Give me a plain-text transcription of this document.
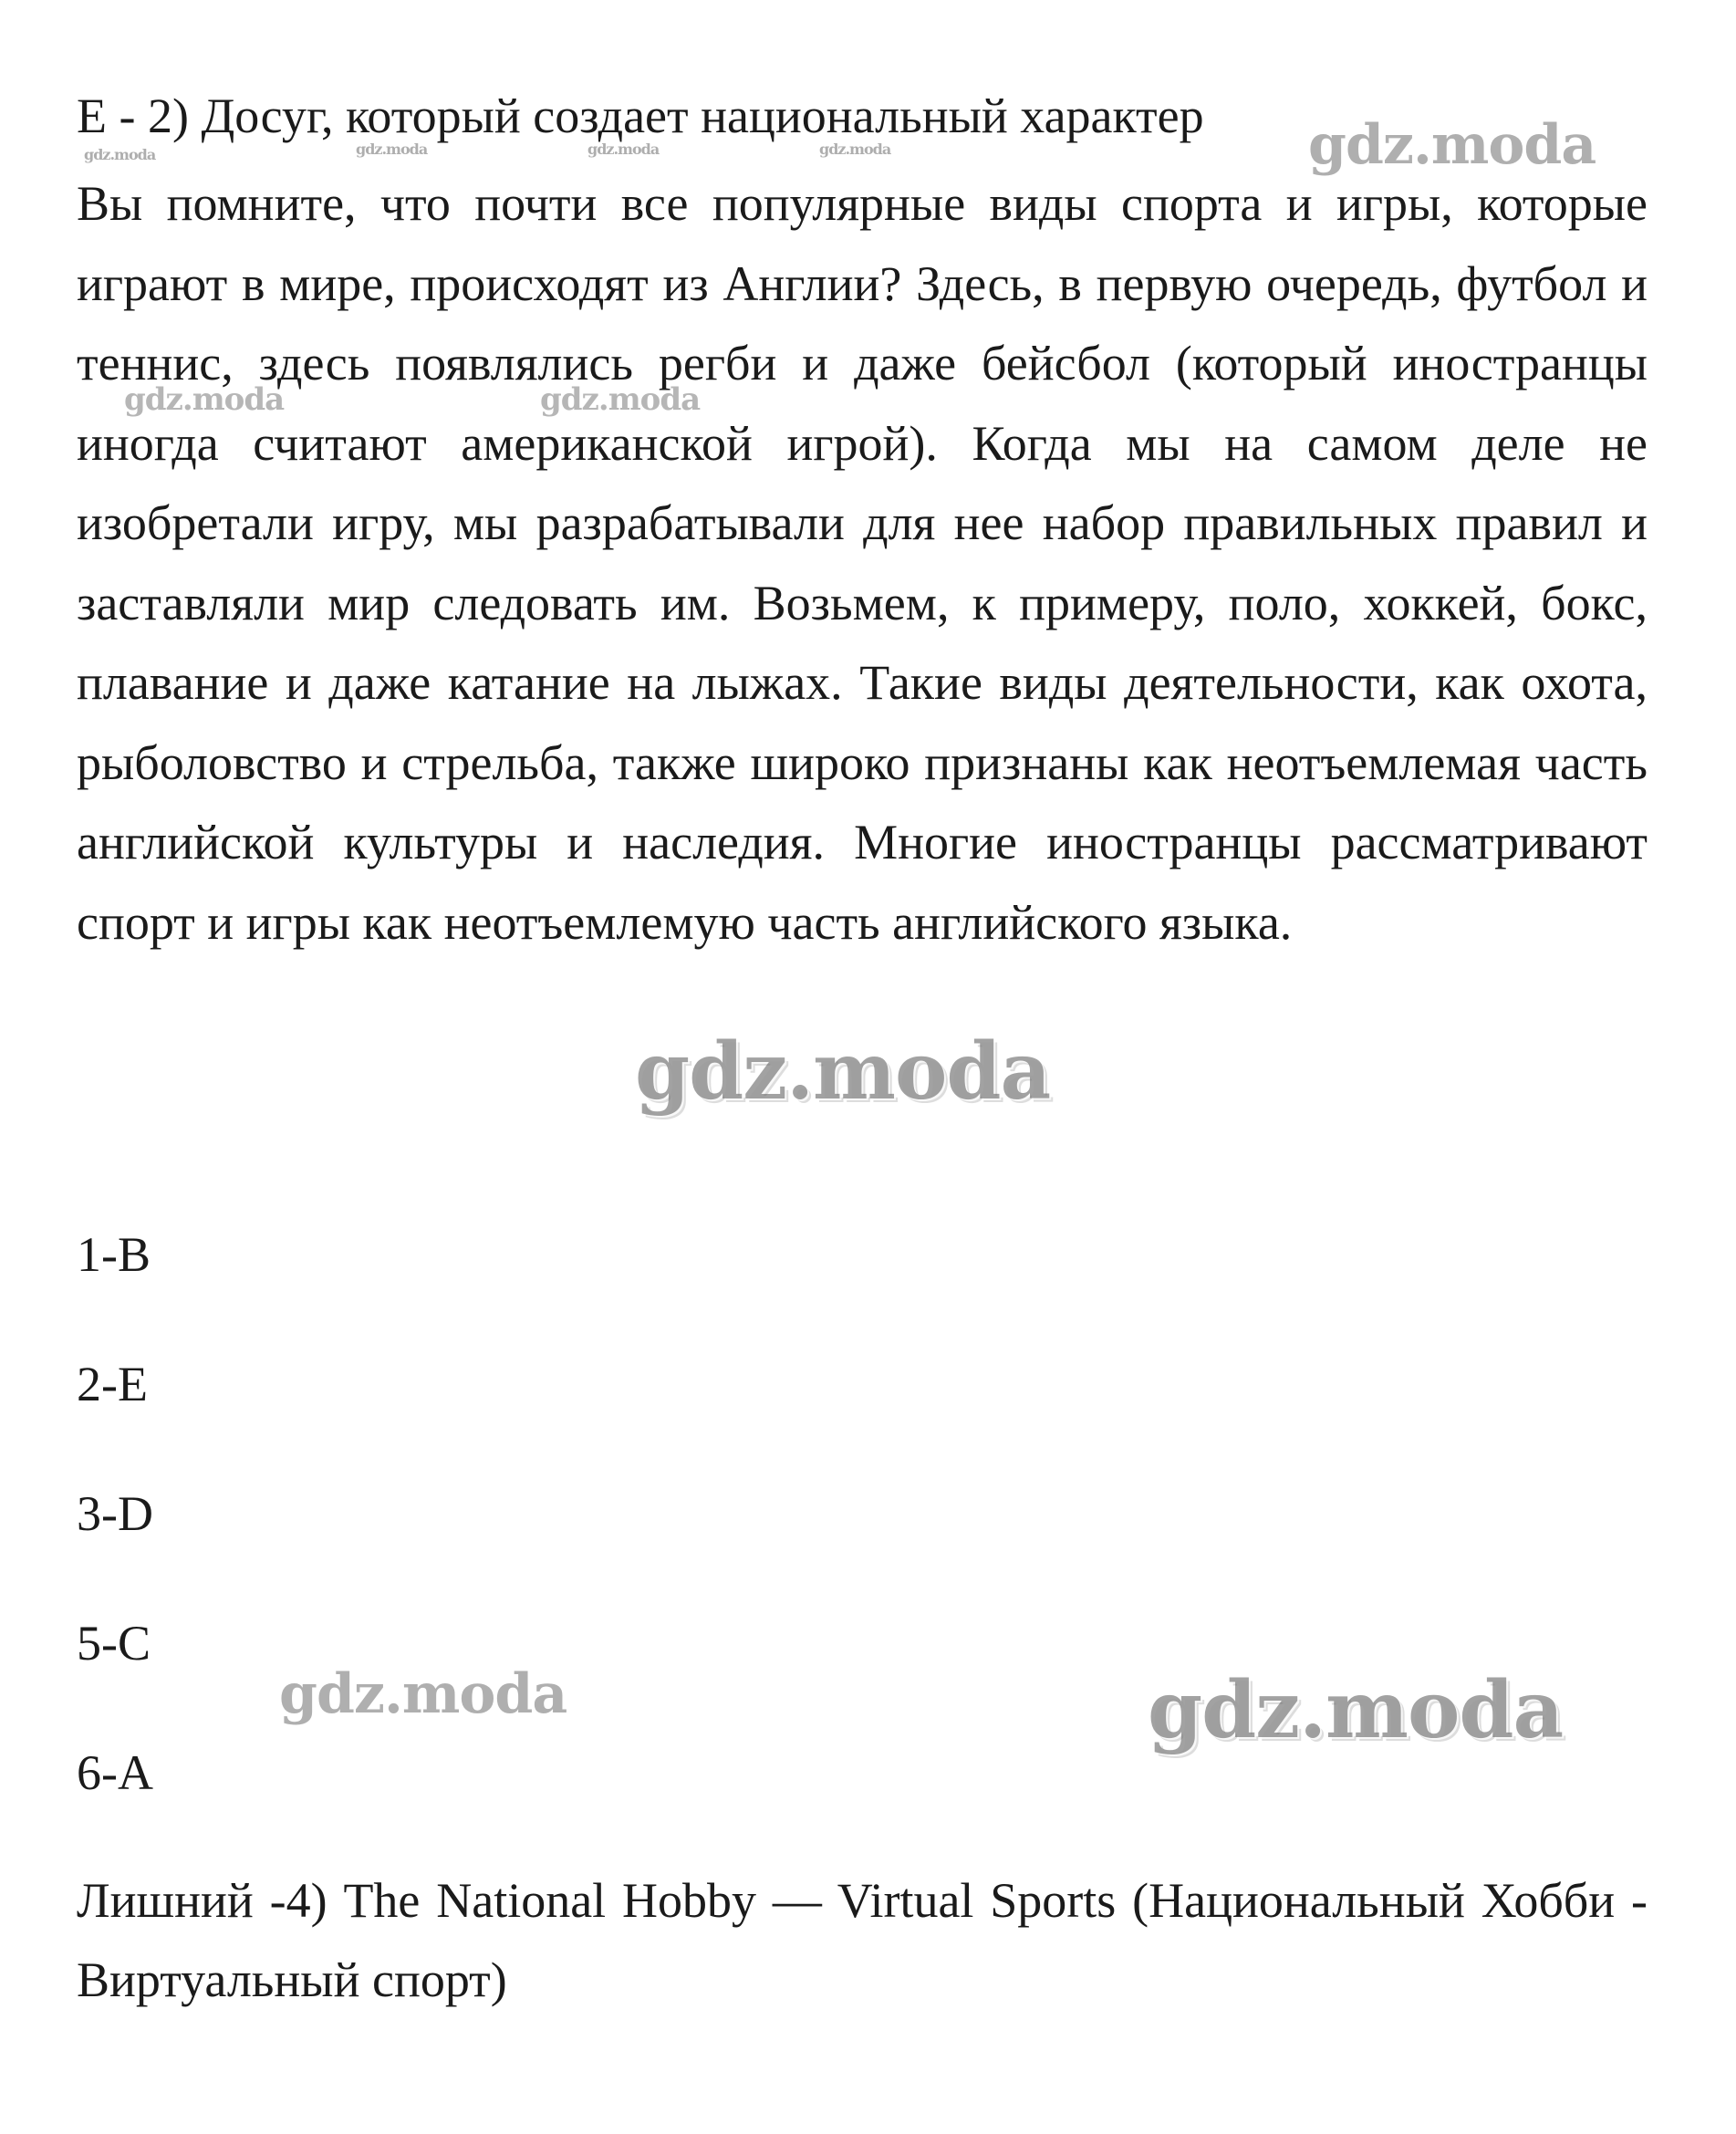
E - 2) Досуг, который создает национальный характер

Вы помните, что почти все популярные виды спорта и игры, которые играют в мире, происходят из Англии? Здесь, в первую очередь, футбол и теннис, здесь появлялись регби и даже бейсбол (который иностранцы иногда считают американской игрой). Когда мы на самом деле не изобретали игру, мы разрабатывали для нее набор правильных правил и заставляли мир следовать им. Возьмем, к примеру, поло, хоккей, бокс, плавание и даже катание на лыжах. Такие виды деятельности, как охота, рыболовство и стрельба, также широко признаны как неотъемлемая часть английской культуры и наследия. Многие иностранцы рассматривают спорт и игры как неотъемлемую часть английского языка.

1-B
2-E
3-D
5-C
6-A

Лишний -4) The National Hobby — Virtual Sports (Национальный Хобби - Виртуальный спорт)

gdz.moda	gdz.moda	gdz.moda	gdz.moda	gdz.moda
gdz.moda	gdz.moda
gdz.moda
gdz.moda	gdz.moda
